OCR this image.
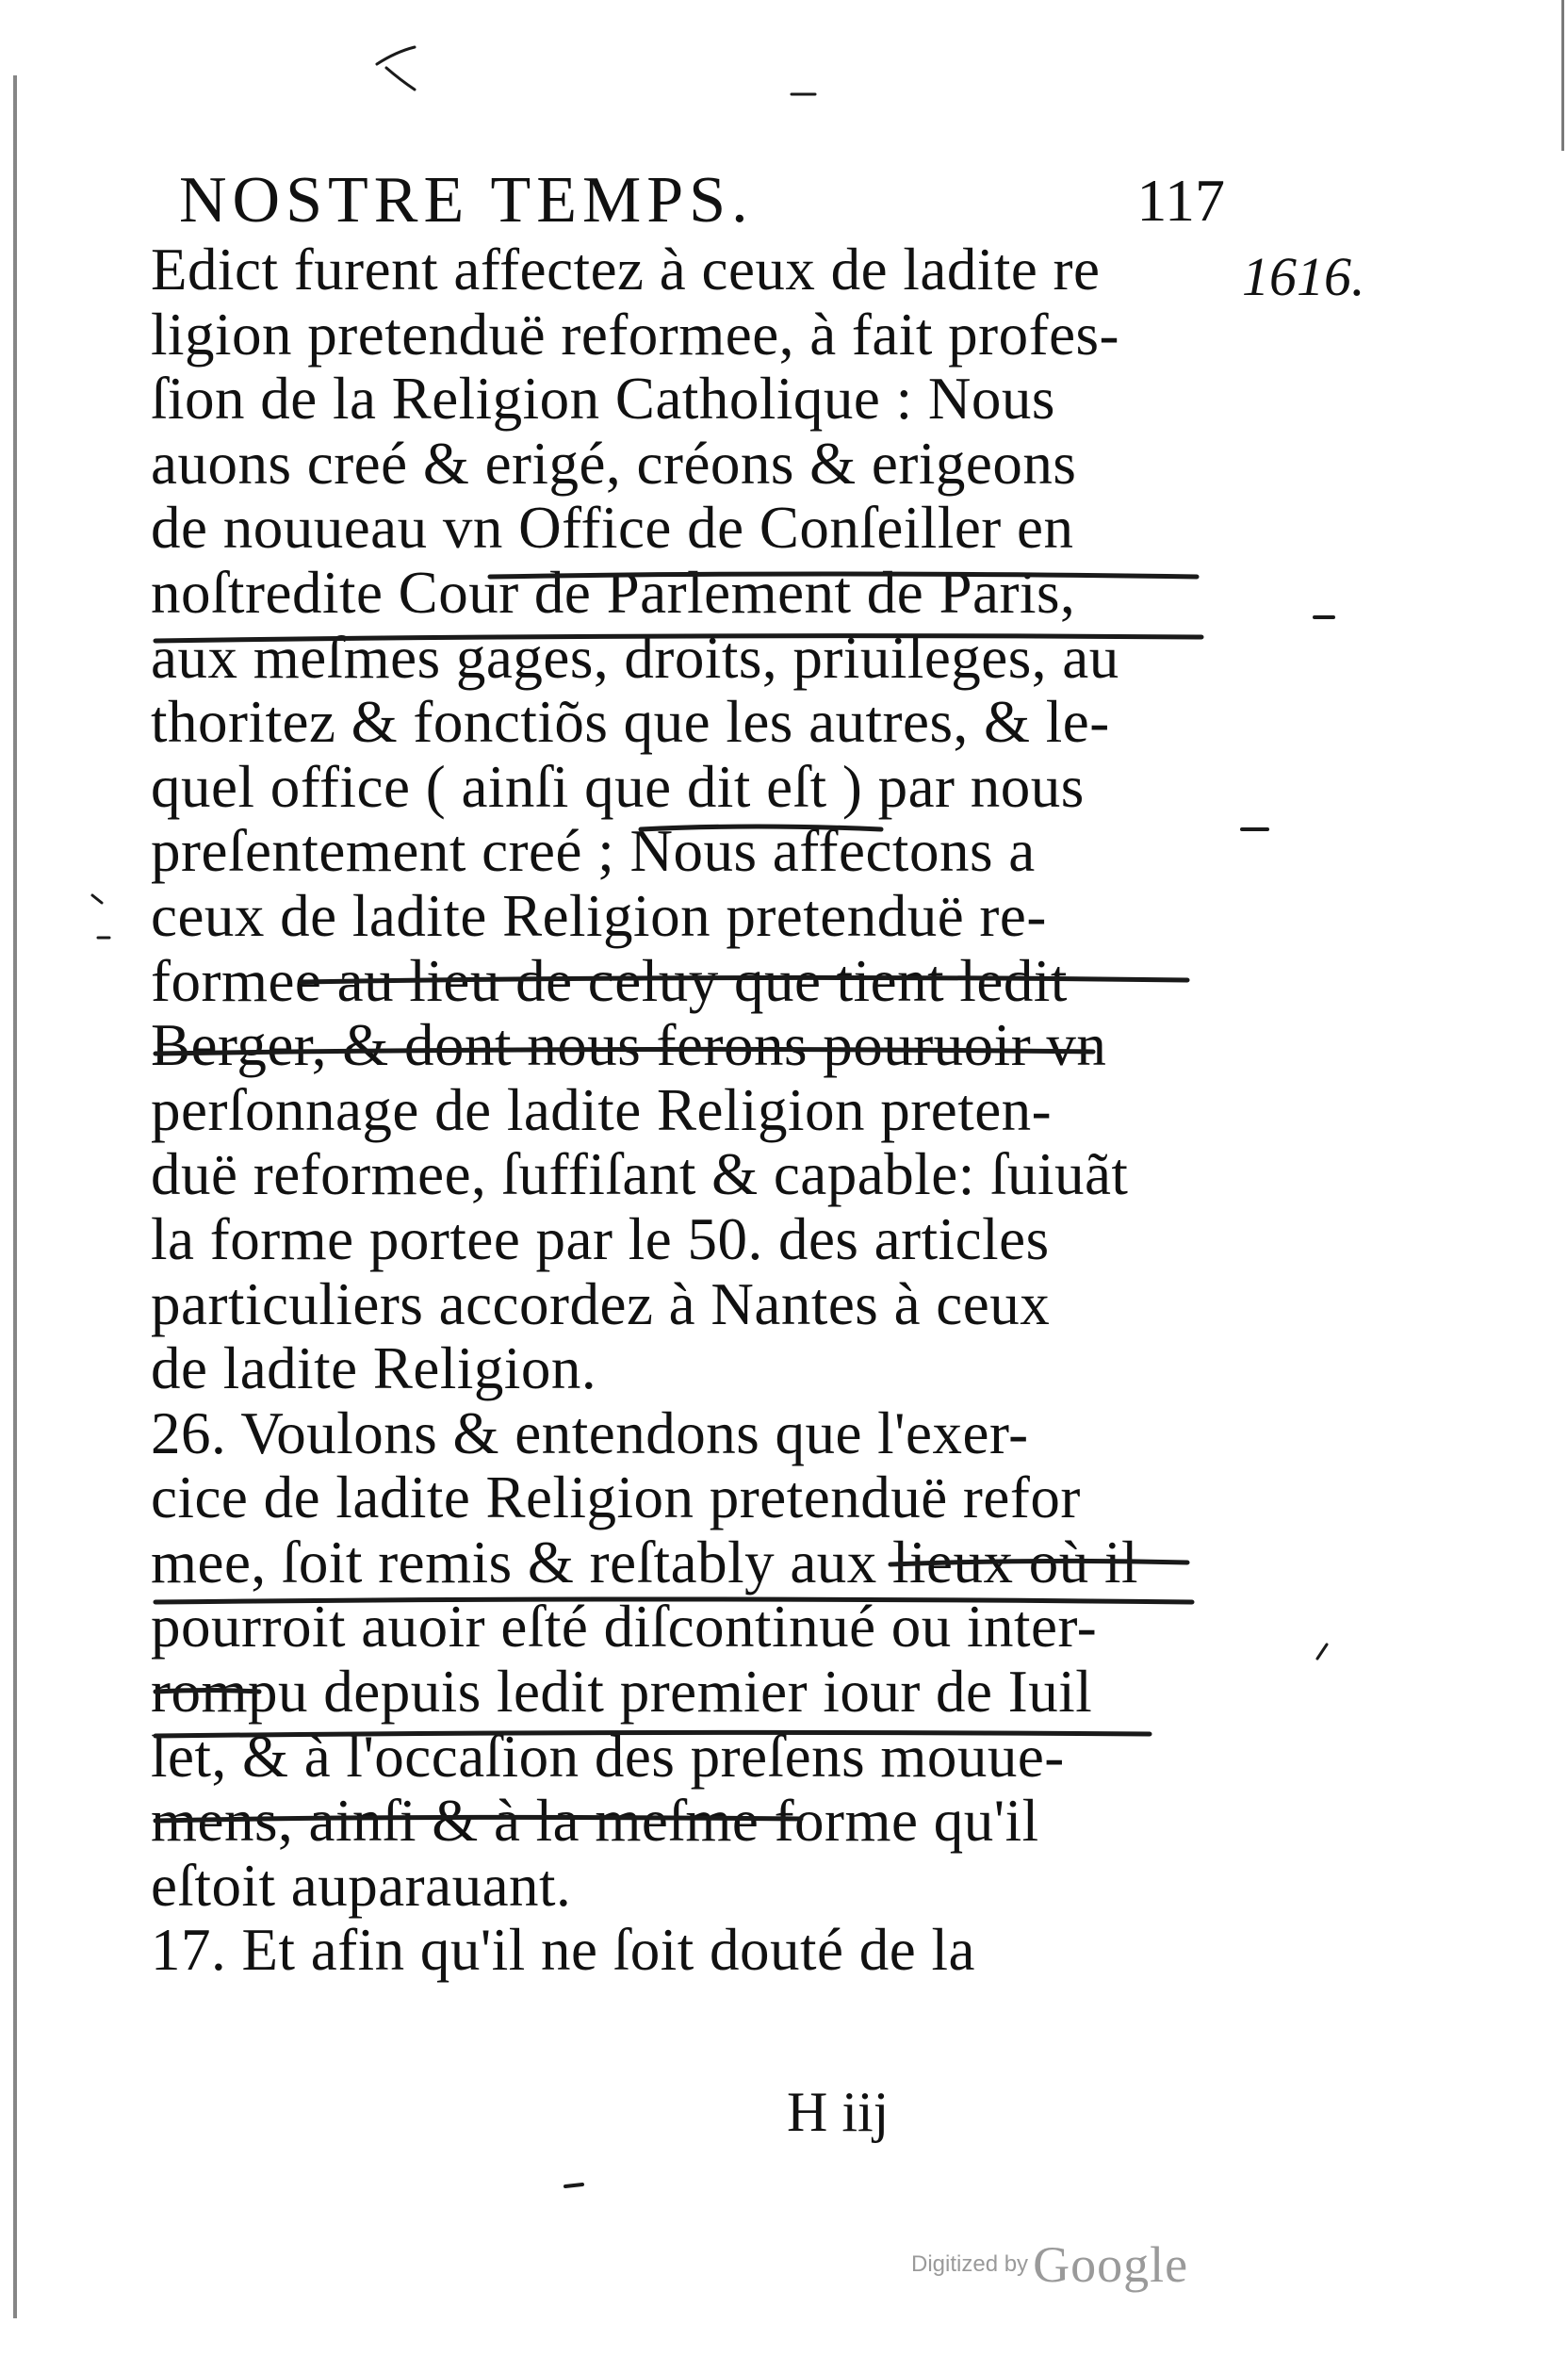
NOSTRE TEMPS.	117
1616.
Edict furent affectez à ceux de ladite re
ligion pretenduë reformee, à fait profes-
ſion de la Religion Catholique : Nous
auons creé & erigé, créons & erigeons
de nouueau vn Office de Conſeiller en
noſtredite Cour de Parlement de Paris,
aux meſmes gages, droits, priuileges, au
thoritez & fonctiõs que les autres, & le-
quel office ( ainſi que dit eſt ) par nous
preſentement creé ; Nous affectons a
ceux de ladite Religion pretenduë re-
formee au lieu de celuy que tient ledit
Berger, & dont nous ferons pouruoir vn
perſonnage de ladite Religion preten-
duë reformee, ſuffiſant & capable: ſuiuãt
la forme portee par le 50. des articles
particuliers accordez à Nantes à ceux
de ladite Religion.
26. Voulons & entendons que l'exer-
cice de ladite Religion pretenduë refor
mee, ſoit remis & reſtably aux lieux où il
pourroit auoir eſté diſcontinué ou inter-
rompu depuis ledit premier iour de Iuil
let, & à l'occaſion des preſens mouue-
mens, ainſi & à la meſme forme qu'il
eſtoit auparauant.
17. Et afin qu'il ne ſoit douté de la
H iij
Digitized by Google
